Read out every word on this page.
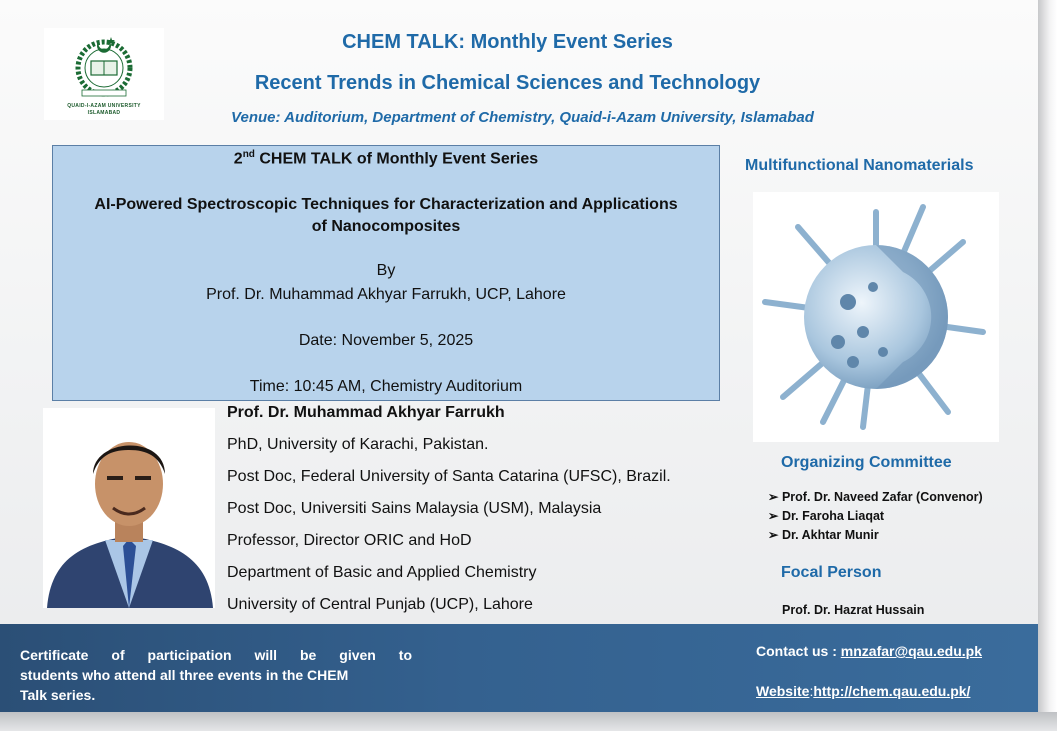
QUAID-I-AZAM UNIVERSITY
ISLAMABAD
CHEM TALK: Monthly Event Series
Recent Trends in Chemical Sciences and Technology
Venue: Auditorium, Department of Chemistry, Quaid-i-Azam University, Islamabad
2nd CHEM TALK of Monthly Event Series
AI-Powered Spectroscopic Techniques for Characterization and Applications
of Nanocomposites
By
Prof. Dr. Muhammad Akhyar Farrukh, UCP, Lahore
Date: November 5, 2025
Time: 10:45 AM, Chemistry Auditorium
Prof. Dr. Muhammad Akhyar Farrukh
PhD, University of Karachi, Pakistan.
Post Doc, Federal University of Santa Catarina (UFSC), Brazil.
Post Doc, Universiti Sains Malaysia (USM), Malaysia
Professor, Director ORIC and HoD
Department of Basic and Applied Chemistry
University of Central Punjab (UCP), Lahore
Multifunctional Nanomaterials
Organizing Committee
➢ Prof. Dr. Naveed Zafar (Convenor)
➢ Dr. Faroha Liaqat
➢ Dr. Akhtar Munir
Focal Person
Prof. Dr. Hazrat Hussain
Certificate of participation will be given to
students who attend all three events in the CHEM
Talk series.
Contact us : mnzafar@qau.edu.pk
Website:http://chem.qau.edu.pk/
